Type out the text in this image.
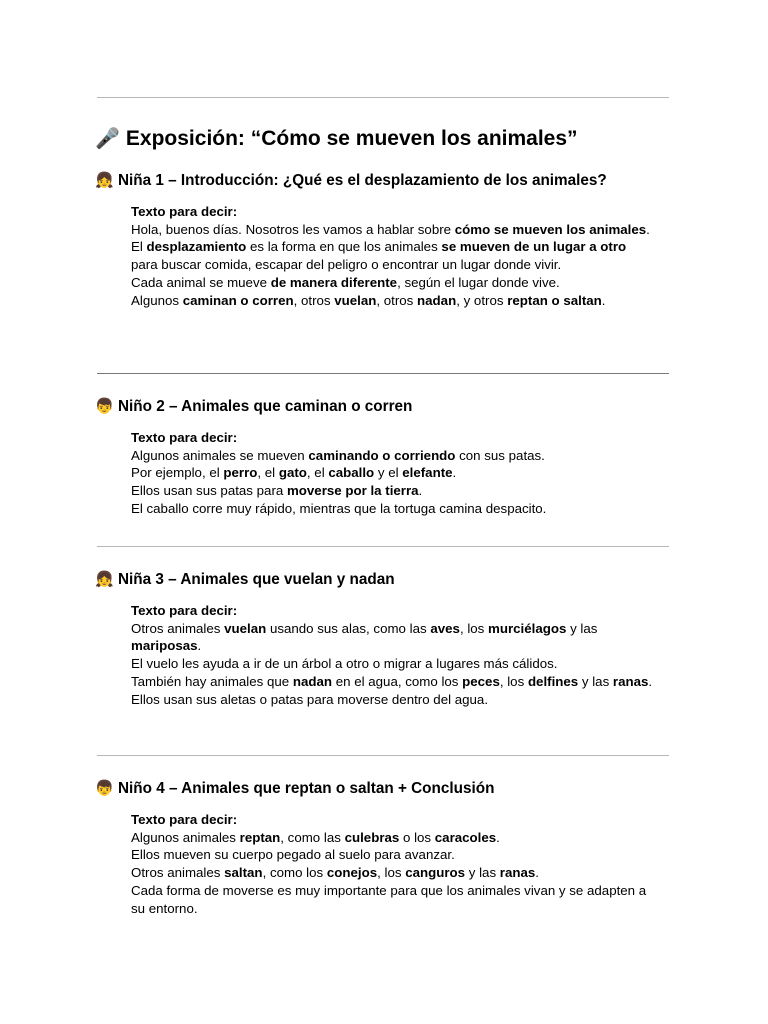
🎤 Exposición: “Cómo se mueven los animales”
👧 Niña 1 – Introducción: ¿Qué es el desplazamiento de los animales?
Texto para decir:

Hola, buenos días. Nosotros les vamos a hablar sobre cómo se mueven los animales.

El desplazamiento es la forma en que los animales se mueven de un lugar a otro para buscar comida, escapar del peligro o encontrar un lugar donde vivir.

Cada animal se mueve de manera diferente, según el lugar donde vive.

Algunos caminan o corren, otros vuelan, otros nadan, y otros reptan o saltan.

👦 Niño 2 – Animales que caminan o corren
Texto para decir:

Algunos animales se mueven caminando o corriendo con sus patas.

Por ejemplo, el perro, el gato, el caballo y el elefante.

Ellos usan sus patas para moverse por la tierra.

El caballo corre muy rápido, mientras que la tortuga camina despacito.

👧 Niña 3 – Animales que vuelan y nadan
Texto para decir:

Otros animales vuelan usando sus alas, como las aves, los murciélagos y las mariposas.

El vuelo les ayuda a ir de un árbol a otro o migrar a lugares más cálidos.

También hay animales que nadan en el agua, como los peces, los delfines y las ranas.

Ellos usan sus aletas o patas para moverse dentro del agua.

👦 Niño 4 – Animales que reptan o saltan + Conclusión
Texto para decir:

Algunos animales reptan, como las culebras o los caracoles.

Ellos mueven su cuerpo pegado al suelo para avanzar.

Otros animales saltan, como los conejos, los canguros y las ranas.

Cada forma de moverse es muy importante para que los animales vivan y se adapten a su entorno.
